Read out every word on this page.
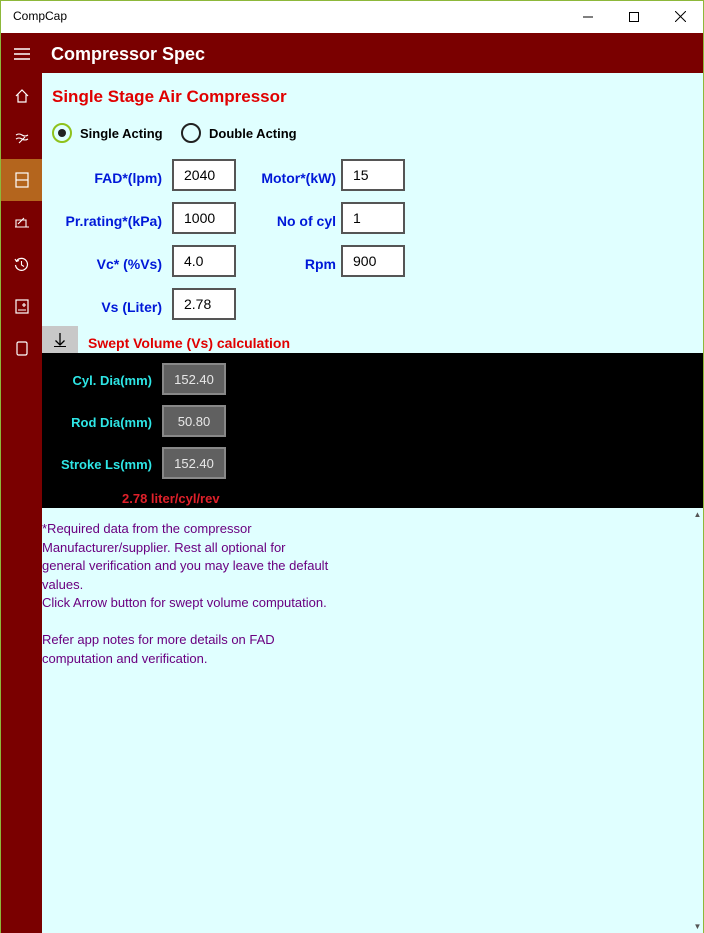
CompCap
Compressor Spec
Single Stage Air Compressor
Single Acting	Double Acting
FAD*(lpm)	2040	Motor*(kW)	15
Pr.rating*(kPa)	1000	No of cyl	1
Vc* (%Vs)	4.0	Rpm	900
Vs (Liter)	2.78
Swept Volume (Vs) calculation
Cyl. Dia(mm)	152.40
Rod Dia(mm)	50.80
Stroke Ls(mm)	152.40
2.78 liter/cyl/rev

*Required data from the compressor Manufacturer/supplier. Rest all optional for general verification and you may leave the default values.

Click Arrow button for swept volume computation.

Refer app notes for more details on FAD computation and verification.

▲
▼
